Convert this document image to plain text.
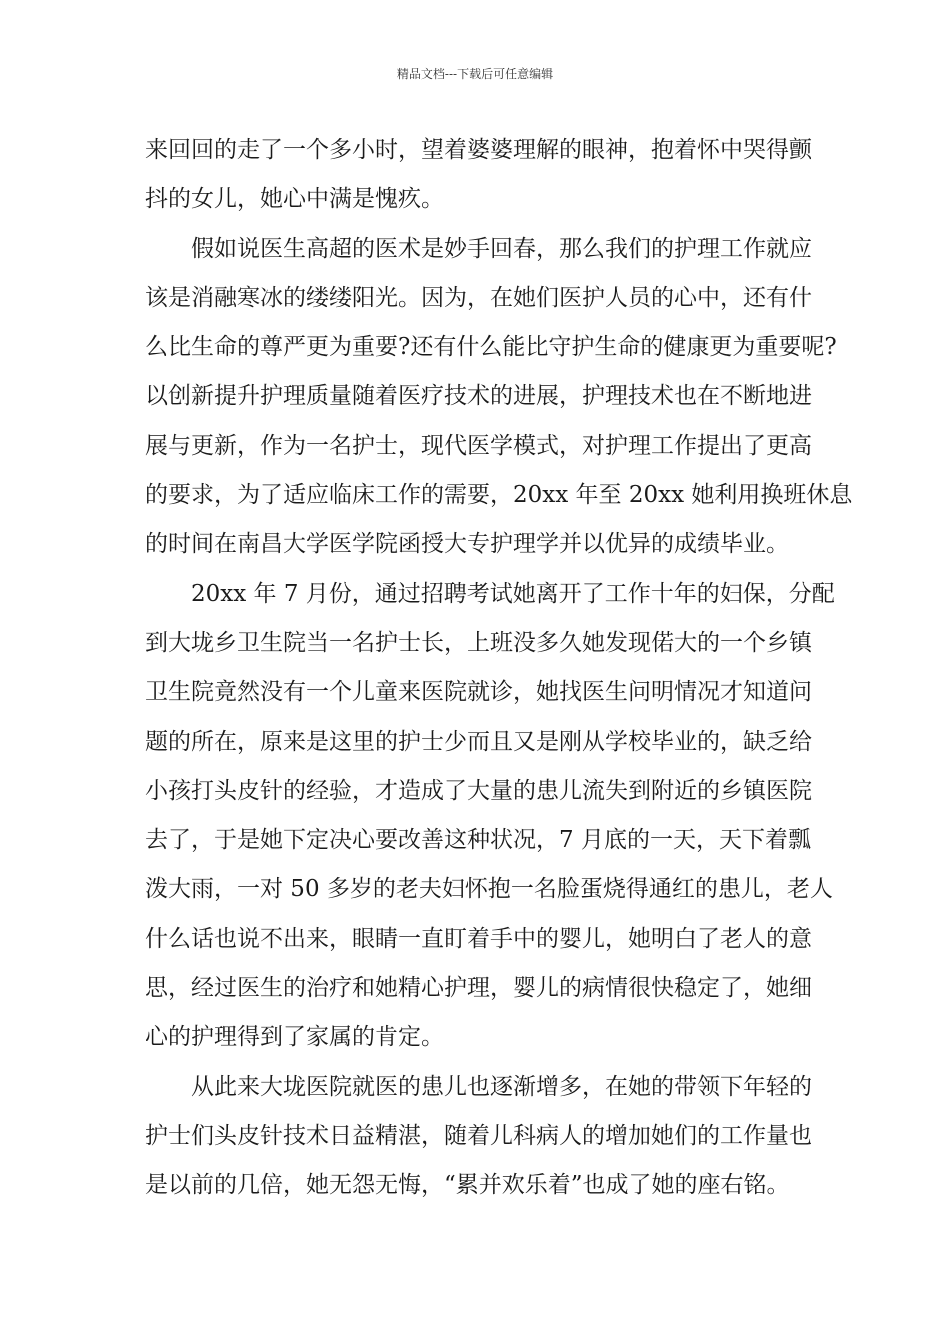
精品文档---下载后可任意编辑
来回回的走了一个多小时，望着婆婆理解的眼神，抱着怀中哭得颤
抖的女儿，她心中满是愧疚。
假如说医生高超的医术是妙手回春，那么我们的护理工作就应
该是消融寒冰的缕缕阳光。因为，在她们医护人员的心中，还有什
么比生命的尊严更为重要?还有什么能比守护生命的健康更为重要呢?
以创新提升护理质量随着医疗技术的进展，护理技术也在不断地进
展与更新，作为一名护士，现代医学模式，对护理工作提出了更高
的要求，为了适应临床工作的需要，20xx 年至 20xx 她利用换班休息
的时间在南昌大学医学院函授大专护理学并以优异的成绩毕业。
20xx 年 7 月份，通过招聘考试她离开了工作十年的妇保，分配
到大垅乡卫生院当一名护士长，上班没多久她发现偌大的一个乡镇
卫生院竟然没有一个儿童来医院就诊，她找医生问明情况才知道问
题的所在，原来是这里的护士少而且又是刚从学校毕业的，缺乏给
小孩打头皮针的经验，才造成了大量的患儿流失到附近的乡镇医院
去了，于是她下定决心要改善这种状况，7 月底的一天，天下着瓢
泼大雨，一对 50 多岁的老夫妇怀抱一名脸蛋烧得通红的患儿，老人
什么话也说不出来，眼睛一直盯着手中的婴儿，她明白了老人的意
思，经过医生的治疗和她精心护理，婴儿的病情很快稳定了，她细
心的护理得到了家属的肯定。
从此来大垅医院就医的患儿也逐渐增多，在她的带领下年轻的
护士们头皮针技术日益精湛，随着儿科病人的增加她们的工作量也
是以前的几倍，她无怨无悔，“累并欢乐着”也成了她的座右铭。
